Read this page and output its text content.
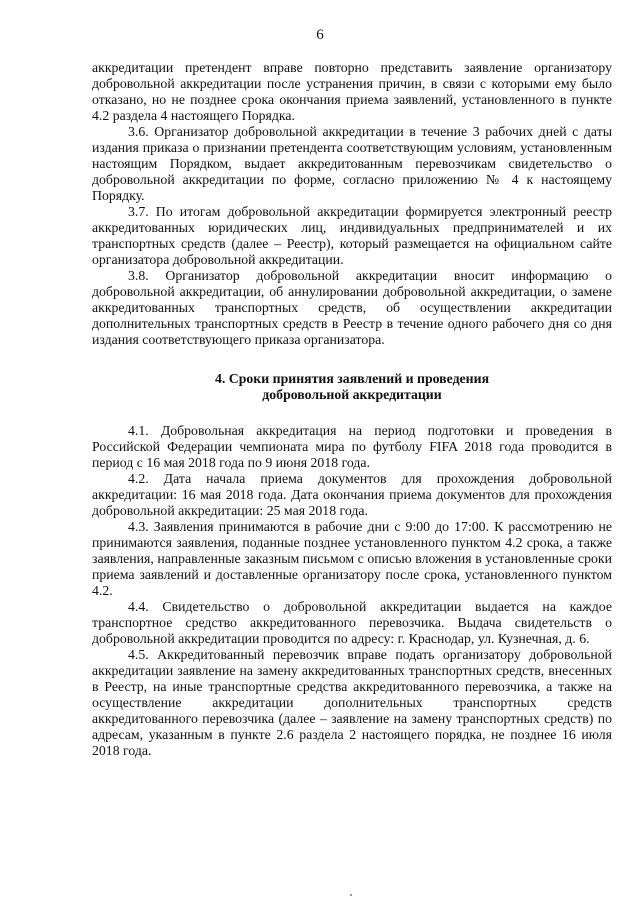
6

аккредитации претендент вправе повторно представить заявление организатору добровольной аккредитации после устранения причин, в связи с которыми ему было отказано, но не позднее срока окончания приема заявлений, установленного в пункте 4.2 раздела 4 настоящего Порядка.

3.6. Организатор добровольной аккредитации в течение 3 рабочих дней с даты издания приказа о признании претендента соответствующим условиям, установленным настоящим Порядком, выдает аккредитованным перевозчикам свидетельство о добровольной аккредитации по форме, согласно приложению № 4 к настоящему Порядку.

3.7. По итогам добровольной аккредитации формируется электронный реестр аккредитованных юридических лиц, индивидуальных предпринимателей и их транспортных средств (далее – Реестр), который размещается на официальном сайте организатора добровольной аккредитации.

3.8. Организатор добровольной аккредитации вносит информацию о добровольной аккредитации, об аннулировании добровольной аккредитации, о замене аккредитованных транспортных средств, об осуществлении аккредитации дополнительных транспортных средств в Реестр в течение одного рабочего дня со дня издания соответствующего приказа организатора.

4. Сроки принятия заявлений и проведения
добровольной аккредитации

4.1. Добровольная аккредитация на период подготовки и проведения в Российской Федерации чемпионата мира по футболу FIFA 2018 года проводится в период с 16 мая 2018 года по 9 июня 2018 года.

4.2. Дата начала приема документов для прохождения добровольной аккредитации: 16 мая 2018 года. Дата окончания приема документов для прохождения добровольной аккредитации: 25 мая 2018 года.

4.3. Заявления принимаются в рабочие дни с 9:00 до 17:00. К рассмотрению не принимаются заявления, поданные позднее установленного пунктом 4.2 срока, а также заявления, направленные заказным письмом с описью вложения в установленные сроки приема заявлений и доставленные организатору после срока, установленного пунктом 4.2.

4.4. Свидетельство о добровольной аккредитации выдается на каждое транспортное средство аккредитованного перевозчика. Выдача свидетельств о добровольной аккредитации проводится по адресу: г. Краснодар, ул. Кузнечная, д. 6.

4.5. Аккредитованный перевозчик вправе подать организатору добровольной аккредитации заявление на замену аккредитованных транспортных средств, внесенных в Реестр, на иные транспортные средства аккредитованного перевозчика, а также на осуществление аккредитации дополнительных транспортных средств аккредитованного перевозчика (далее – заявление на замену транспортных средств) по адресам, указанным в пункте 2.6 раздела 2 настоящего порядка, не позднее 16 июля 2018 года.
